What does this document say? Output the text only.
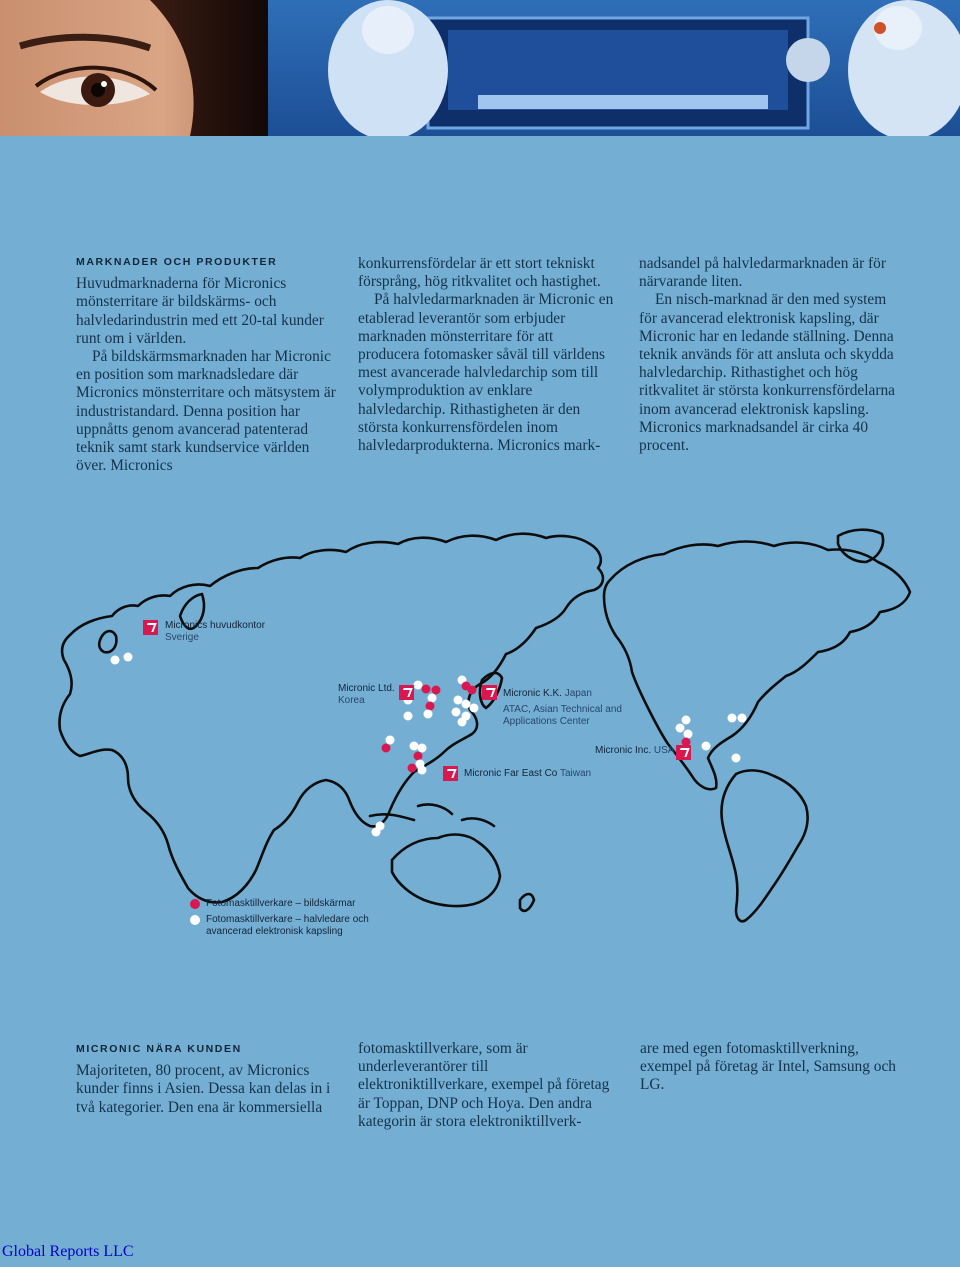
MARKNADER OCH PRODUKTER

Huvudmarknaderna för Micronics mönsterritare är bildskärms- och halvledarindustrin med ett 20-tal kunder runt om i världen.

På bildskärmsmarknaden har Micronic en position som marknadsledare där Micronics mönsterritare och mätsystem är industristandard. Denna position har uppnåtts genom avancerad patenterad teknik samt stark kundservice världen över. Micronics

konkurrensfördelar är ett stort tekniskt försprång, hög ritkvalitet och hastighet.

På halvledarmarknaden är Micronic en etablerad leverantör som erbjuder marknaden mönsterritare för att producera fotomasker såväl till världens mest avancerade halvledarchip som till volymproduktion av enklare halvledarchip. Rithastigheten är den största konkurrensfördelen inom halvledarprodukterna. Micronics mark-

nadsandel på halvledarmarknaden är för närvarande liten.

En nisch-marknad är den med system för avancerad elektronisk kapsling, där Micronic har en ledande ställning. Denna teknik används för att ansluta och skydda halvledarchip. Rithastighet och hög ritkvalitet är största konkurrensfördelarna inom avancerad elektronisk kapsling. Micronics marknadsandel är cirka 40 procent.

Micronics huvudkontor
Sverige
Micronic Ltd.
Korea
Micronic K.K. Japan
ATAC, Asian Technical and
Applications Center
Micronic Inc. USA
Micronic Far East Co Taiwan
Fotomasktillverkare – bildskärmar
Fotomasktillverkare – halvledare och
avancerad elektronisk kapsling
MICRONIC NÄRA KUNDEN

Majoriteten, 80 procent, av Micronics kunder finns i Asien. Dessa kan delas in i två kategorier. Den ena är kommersiella

fotomasktillverkare, som är underleverantörer till elektroniktillverkare, exempel på företag är Toppan, DNP och Hoya. Den andra kategorin är stora elektroniktillverk-

are med egen fotomasktillverkning, exempel på företag är Intel, Samsung och LG.

Global Reports LLC
